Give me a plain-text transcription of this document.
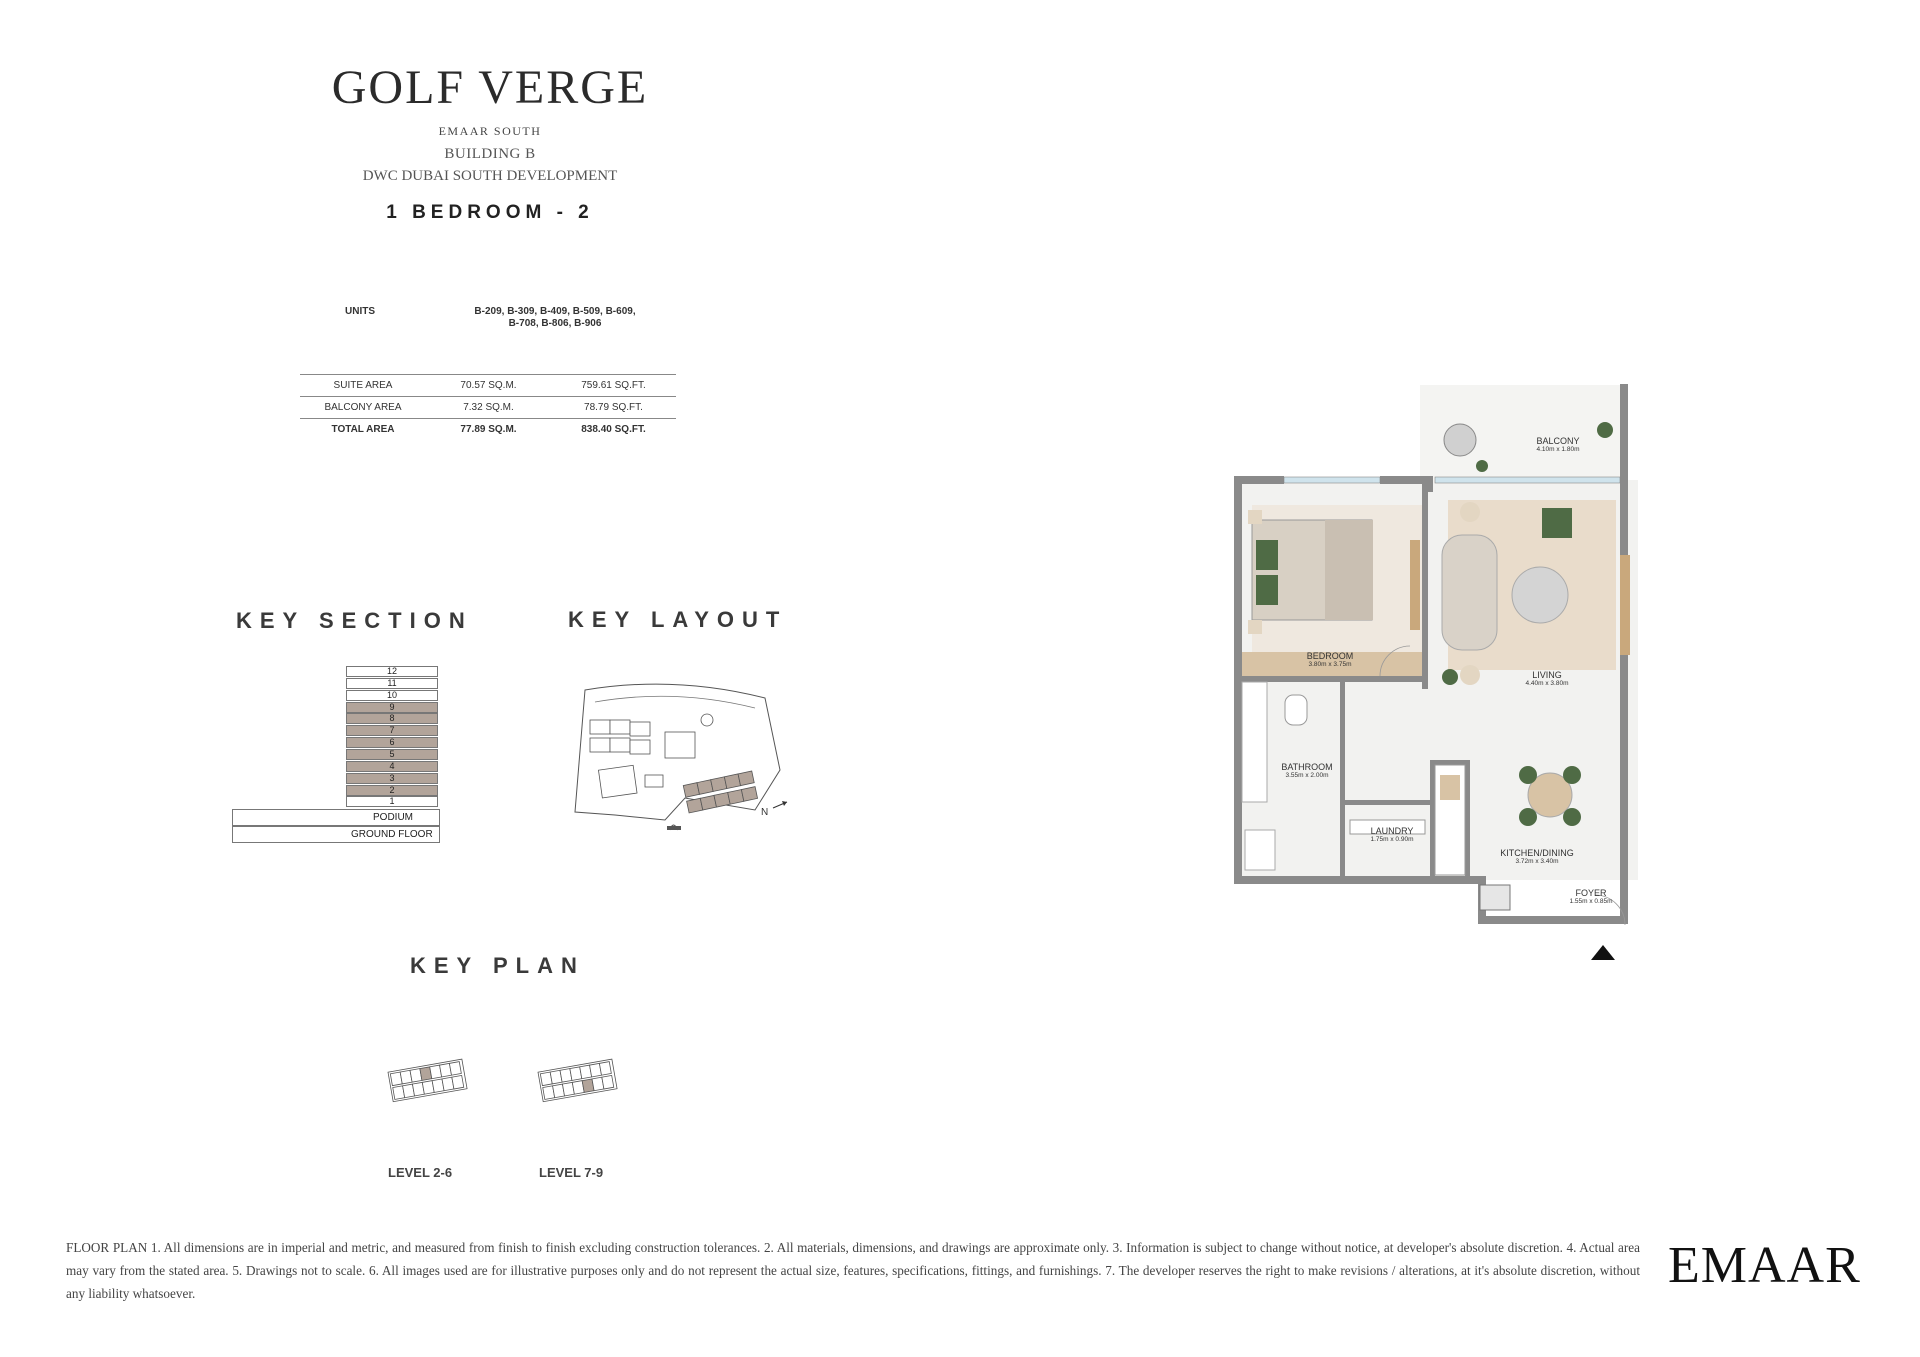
GOLF VERGE
EMAAR SOUTH
BUILDING B
DWC DUBAI SOUTH DEVELOPMENT
1 BEDROOM - 2
UNITS	B-209, B-309, B-409, B-509, B-609,
B-708, B-806, B-906
SUITE AREA	70.57 SQ.M.	759.61 SQ.FT.
BALCONY AREA	7.32 SQ.M.	78.79 SQ.FT.
TOTAL AREA	77.89 SQ.M.	838.40 SQ.FT.
KEY SECTION
12
11
10
9
8
7
6
5
4
3
2
1
PODIUM
GROUND FLOOR
KEY LAYOUT
N
KEY PLAN
LEVEL 2-6	LEVEL 7-9
BALCONY
4.10m x 1.80m
BEDROOM
3.80m x 3.75m
LIVING
4.40m x 3.80m
BATHROOM
3.55m x 2.00m
LAUNDRY
1.75m x 0.90m
KITCHEN/DINING
3.72m x 3.40m
FOYER
1.55m x 0.85m
FLOOR PLAN 1. All dimensions are in imperial and metric, and measured from finish to finish excluding construction tolerances. 2. All materials, dimensions, and drawings are approximate only. 3. Information is subject to change without notice, at developer's absolute discretion. 4. Actual area may vary from the stated area. 5. Drawings not to scale. 6. All images used are for illustrative purposes only and do not represent the actual size, features, specifications, fittings, and furnishings. 7. The developer reserves the right to make revisions / alterations, at it's absolute discretion, without any liability whatsoever.	EMAAR
